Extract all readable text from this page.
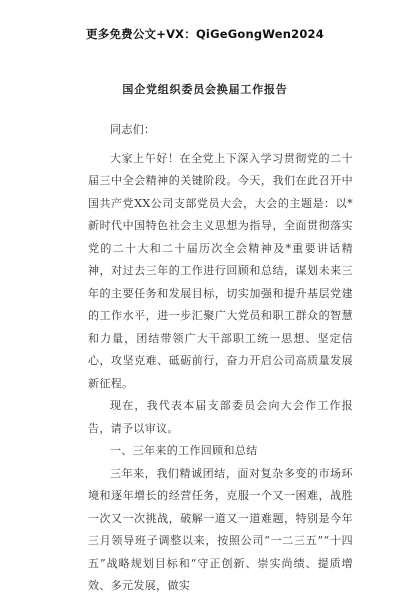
更多免费公文+VX：QiGeGongWen2024
国企党组织委员会换届工作报告

同志们：

大家上午好！在全党上下深入学习贯彻党的二十届三中全会精神的关键阶段。今天，我们在此召开中国共产党XX公司支部党员大会，大会的主题是：以*新时代中国特色社会主义思想为指导，全面贯彻落实党的二十大和二十届历次全会精神及*重要讲话精神，对过去三年的工作进行回顾和总结，谋划未来三年的主要任务和发展目标，切实加强和提升基层党建的工作水平，进一步汇聚广大党员和职工群众的智慧和力量，团结带领广大干部职工统一思想、坚定信心，攻坚克难、砥砺前行，奋力开启公司高质量发展新征程。

现在，我代表本届支部委员会向大会作工作报告，请予以审议。

一、三年来的工作回顾和总结

三年来，我们精诚团结，面对复杂多变的市场环境和逐年增长的经营任务，克服一个又一困难，战胜一次又一次挑战，破解一道又一道难题，特别是今年三月领导班子调整以来，按照公司“一二三五”“十四五”战略规划目标和“守正创新、崇实尚绩、提质增效、多元发展，做实
